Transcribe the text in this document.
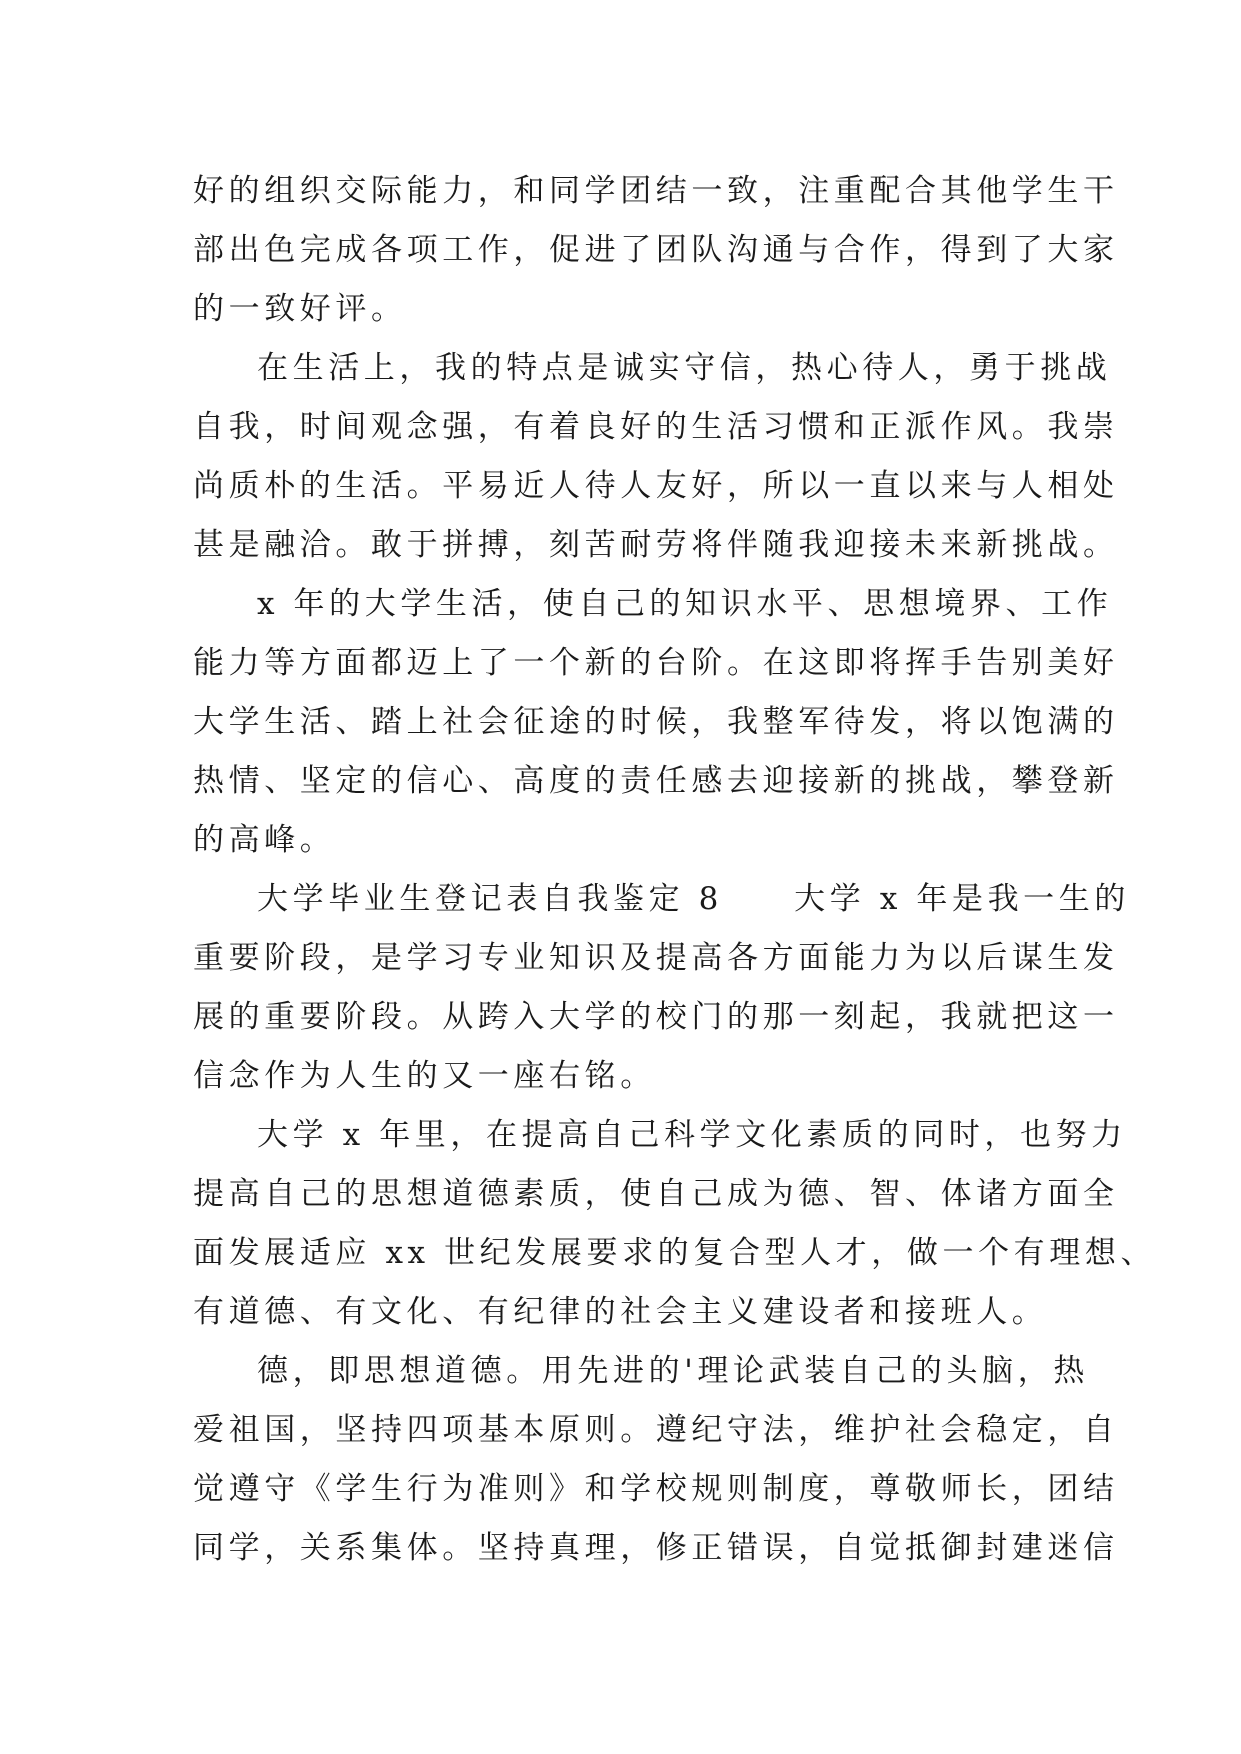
好的组织交际能力，和同学团结一致，注重配合其他学生干
部出色完成各项工作，促进了团队沟通与合作，得到了大家
的一致好评。
在生活上，我的特点是诚实守信，热心待人，勇于挑战
自我，时间观念强，有着良好的生活习惯和正派作风。我崇
尚质朴的生活。平易近人待人友好，所以一直以来与人相处
甚是融洽。敢于拼搏，刻苦耐劳将伴随我迎接未来新挑战。
x 年的大学生活，使自己的知识水平、思想境界、工作
能力等方面都迈上了一个新的台阶。在这即将挥手告别美好
大学生活、踏上社会征途的时候，我整军待发，将以饱满的
热情、坚定的信心、高度的责任感去迎接新的挑战，攀登新
的高峰。
大学毕业生登记表自我鉴定 8　　大学 x 年是我一生的
重要阶段，是学习专业知识及提高各方面能力为以后谋生发
展的重要阶段。从跨入大学的校门的那一刻起，我就把这一
信念作为人生的又一座右铭。
大学 x 年里，在提高自己科学文化素质的同时，也努力
提高自己的思想道德素质，使自己成为德、智、体诸方面全
面发展适应 xx 世纪发展要求的复合型人才，做一个有理想、
有道德、有文化、有纪律的社会主义建设者和接班人。
德，即思想道德。用先进的'理论武装自己的头脑，热
爱祖国，坚持四项基本原则。遵纪守法，维护社会稳定，自
觉遵守《学生行为准则》和学校规则制度，尊敬师长，团结
同学，关系集体。坚持真理，修正错误，自觉抵御封建迷信
